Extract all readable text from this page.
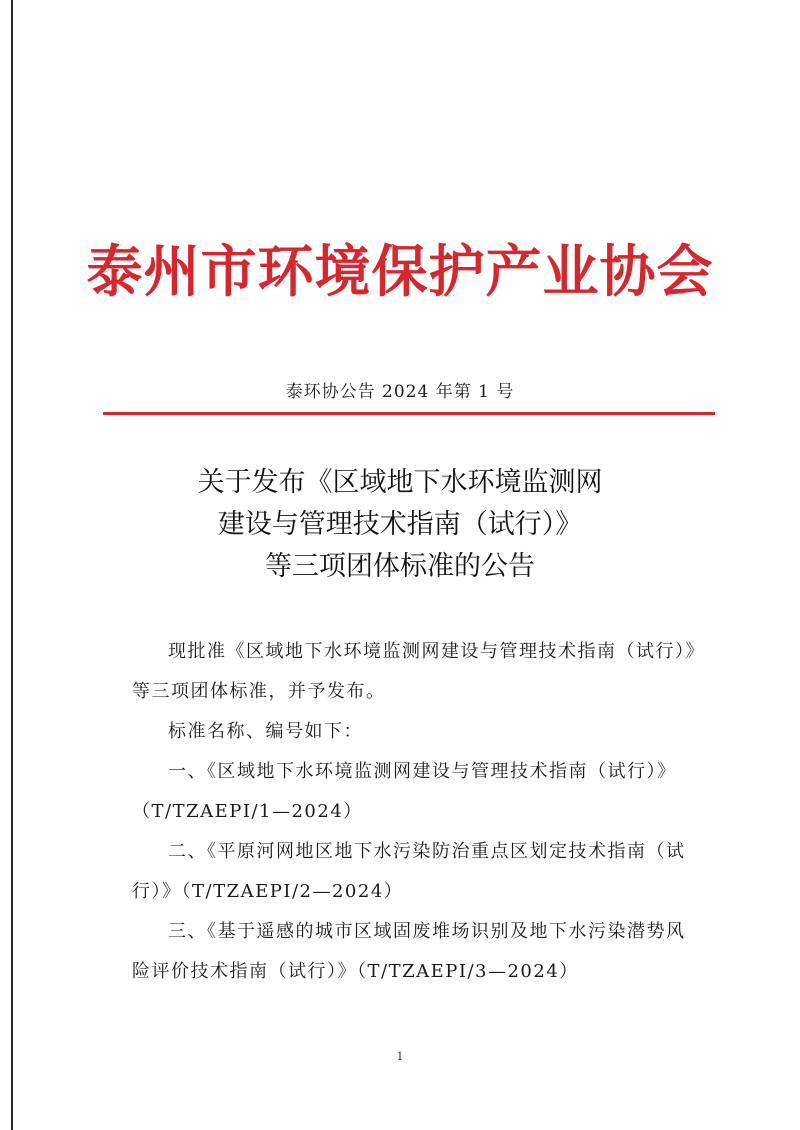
泰州市环境保护产业协会
泰环协公告 2024 年第 1 号
关于发布《区域地下水环境监测网
建设与管理技术指南（试行）》
等三项团体标准的公告

现批准《区域地下水环境监测网建设与管理技术指南（试行）》等三项团体标准，并予发布。

标准名称、编号如下：

一、《区域地下水环境监测网建设与管理技术指南（试行）》（T/TZAEPI/1—2024）

二、《平原河网地区地下水污染防治重点区划定技术指南（试行）》（T/TZAEPI/2—2024）

三、《基于遥感的城市区域固废堆场识别及地下水污染潜势风险评价技术指南（试行）》（T/TZAEPI/3—2024）

1
